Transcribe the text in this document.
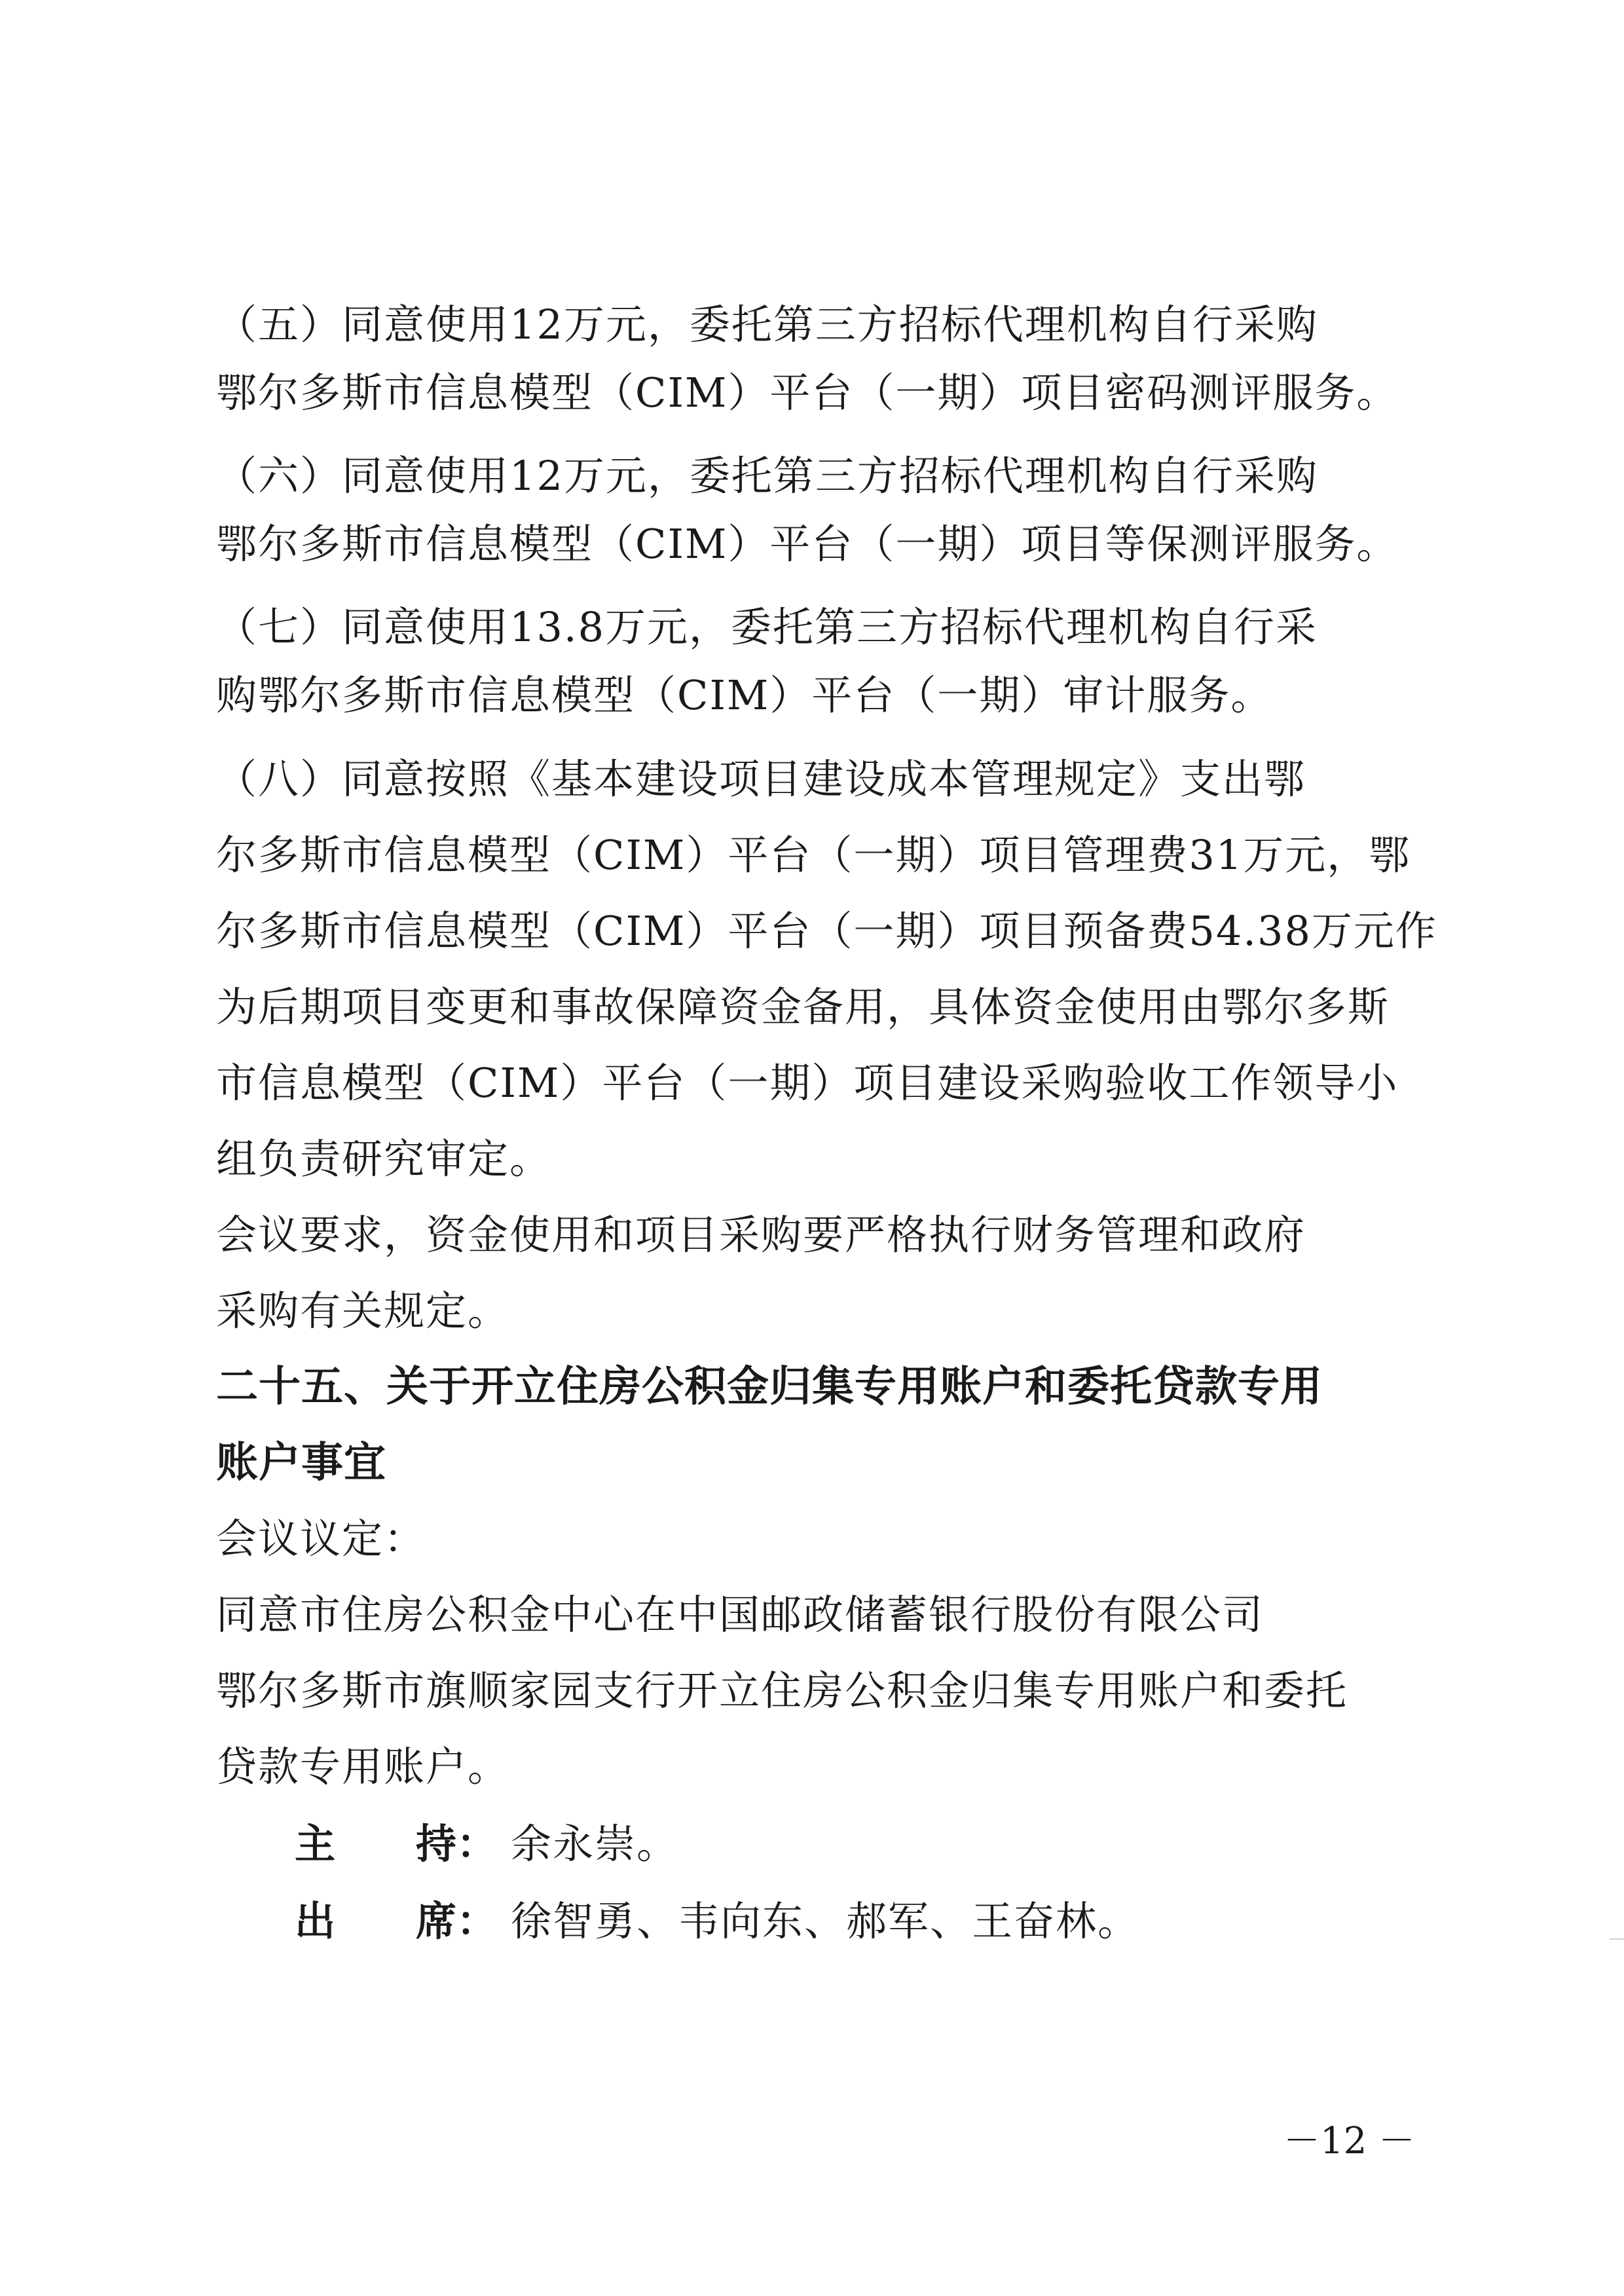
（五）同意使用12万元，委托第三方招标代理机构自行采购
鄂尔多斯市信息模型（CIM）平台（一期）项目密码测评服务。
（六）同意使用12万元，委托第三方招标代理机构自行采购
鄂尔多斯市信息模型（CIM）平台（一期）项目等保测评服务。
（七）同意使用13.8万元，委托第三方招标代理机构自行采
购鄂尔多斯市信息模型（CIM）平台（一期）审计服务。
（八）同意按照《基本建设项目建设成本管理规定》支出鄂
尔多斯市信息模型（CIM）平台（一期）项目管理费31万元，鄂
尔多斯市信息模型（CIM）平台（一期）项目预备费54.38万元作
为后期项目变更和事故保障资金备用，具体资金使用由鄂尔多斯
市信息模型（CIM）平台（一期）项目建设采购验收工作领导小
组负责研究审定。
会议要求，资金使用和项目采购要严格执行财务管理和政府
采购有关规定。
二十五、关于开立住房公积金归集专用账户和委托贷款专用
账户事宜
会议议定：
同意市住房公积金中心在中国邮政储蓄银行股份有限公司
鄂尔多斯市旗顺家园支行开立住房公积金归集专用账户和委托
贷款专用账户。
主 持： 余永崇。
出 席： 徐智勇、韦向东、郝军、王奋林。
－12 －
